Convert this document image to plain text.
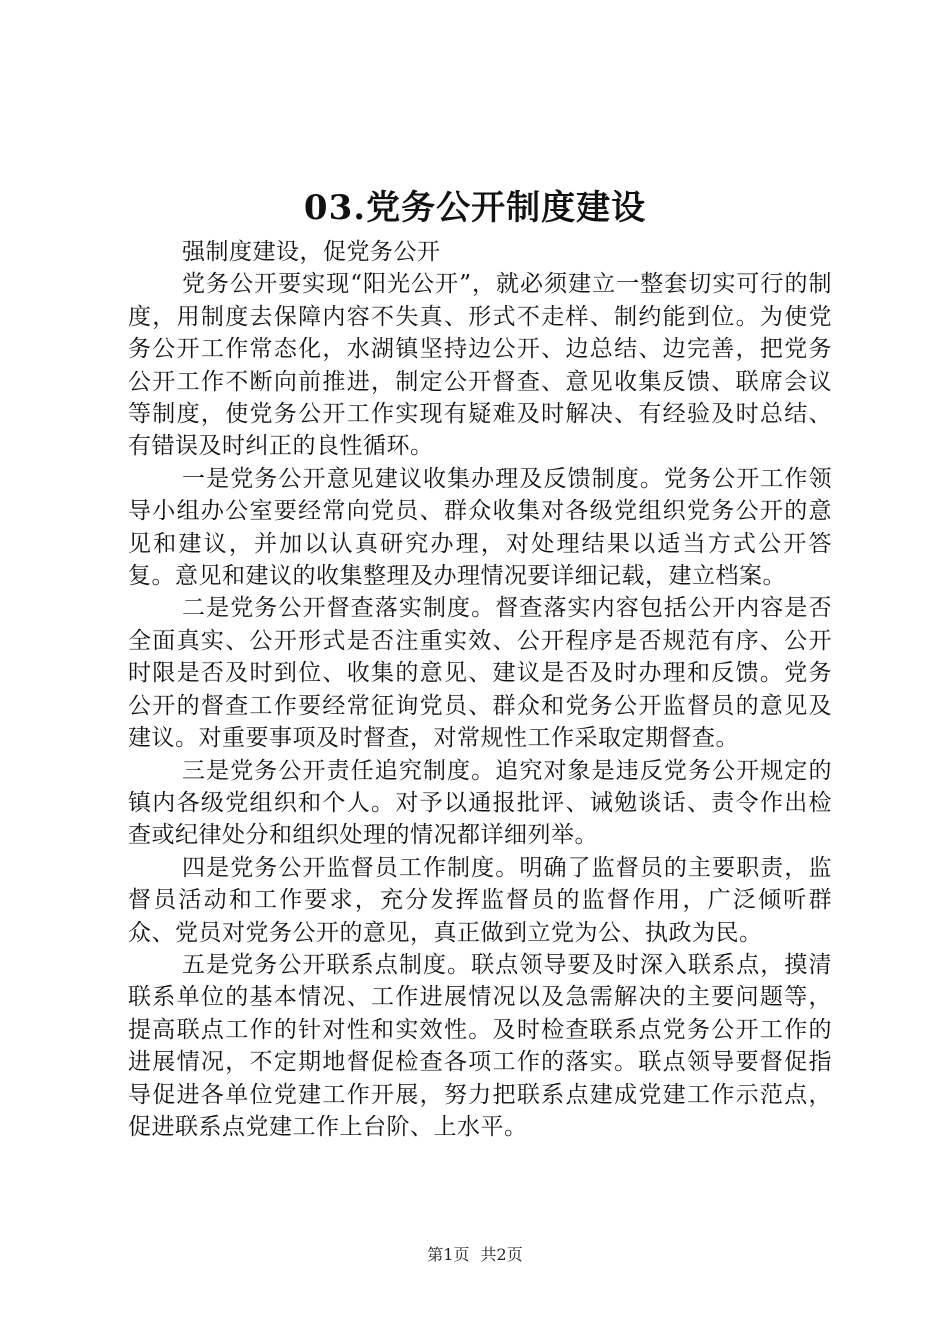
03.党务公开制度建设

强制度建设，促党务公开

党务公开要实现“阳光公开”，就必须建立一整套切实可行的制度，用制度去保障内容不失真、形式不走样、制约能到位。为使党务公开工作常态化，水湖镇坚持边公开、边总结、边完善，把党务公开工作不断向前推进，制定公开督查、意见收集反馈、联席会议等制度，使党务公开工作实现有疑难及时解决、有经验及时总结、有错误及时纠正的良性循环。

一是党务公开意见建议收集办理及反馈制度。党务公开工作领导小组办公室要经常向党员、群众收集对各级党组织党务公开的意见和建议，并加以认真研究办理，对处理结果以适当方式公开答复。意见和建议的收集整理及办理情况要详细记载，建立档案。

二是党务公开督查落实制度。督查落实内容包括公开内容是否全面真实、公开形式是否注重实效、公开程序是否规范有序、公开时限是否及时到位、收集的意见、建议是否及时办理和反馈。党务公开的督查工作要经常征询党员、群众和党务公开监督员的意见及建议。对重要事项及时督查，对常规性工作采取定期督查。

三是党务公开责任追究制度。追究对象是违反党务公开规定的镇内各级党组织和个人。对予以通报批评、诫勉谈话、责令作出检查或纪律处分和组织处理的情况都详细列举。

四是党务公开监督员工作制度。明确了监督员的主要职责，监督员活动和工作要求，充分发挥监督员的监督作用，广泛倾听群众、党员对党务公开的意见，真正做到立党为公、执政为民。

五是党务公开联系点制度。联点领导要及时深入联系点，摸清联系单位的基本情况、工作进展情况以及急需解决的主要问题等，提高联点工作的针对性和实效性。及时检查联系点党务公开工作的进展情况，不定期地督促检查各项工作的落实。联点领导要督促指导促进各单位党建工作开展，努力把联系点建成党建工作示范点，促进联系点党建工作上台阶、上水平。

第1页 共2页
